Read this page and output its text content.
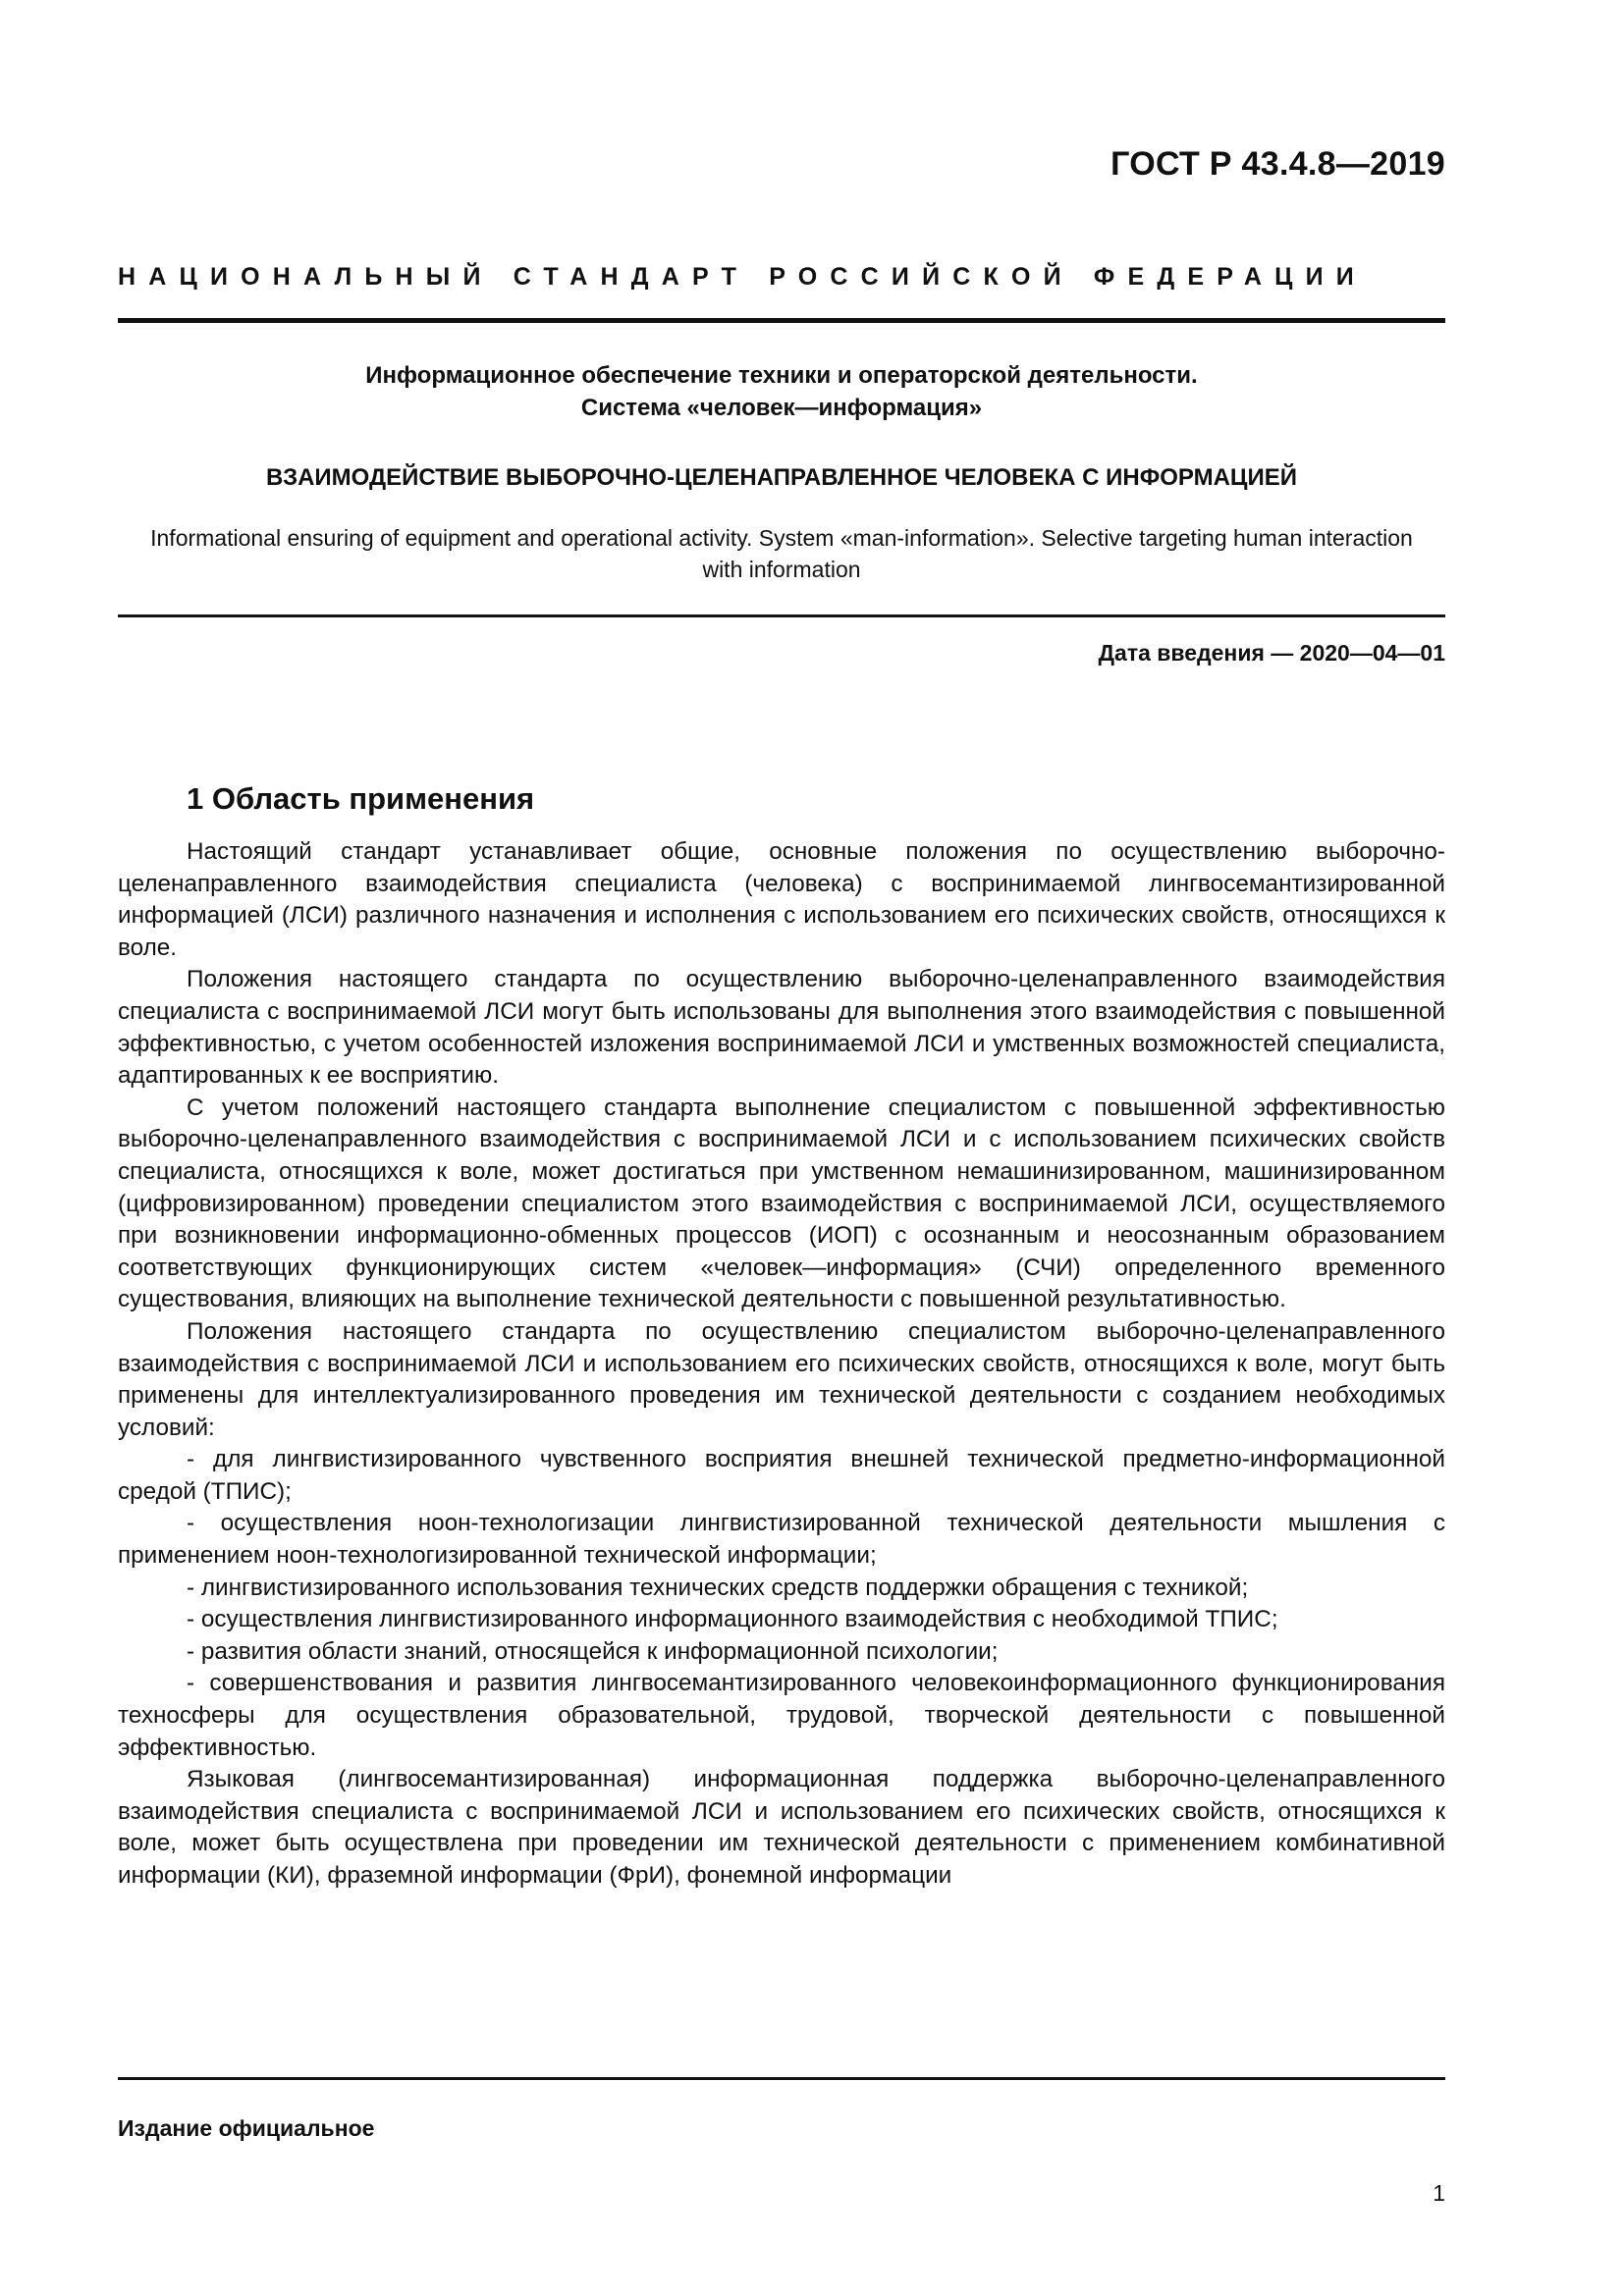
ГОСТ Р 43.4.8—2019
НАЦИОНАЛЬНЫЙ СТАНДАРТ РОССИЙСКОЙ ФЕДЕРАЦИИ
Информационное обеспечение техники и операторской деятельности.
Система «человек—информация»
ВЗАИМОДЕЙСТВИЕ ВЫБОРОЧНО-ЦЕЛЕНАПРАВЛЕННОЕ ЧЕЛОВЕКА С ИНФОРМАЦИЕЙ
Informational ensuring of equipment and operational activity. System «man-information». Selective targeting human interaction with information
Дата введения — 2020—04—01
1 Область применения

Настоящий стандарт устанавливает общие, основные положения по осуществлению выборочно-целенаправленного взаимодействия специалиста (человека) с воспринимаемой лингвосемантизированной информацией (ЛСИ) различного назначения и исполнения с использованием его психических свойств, относящихся к воле.

Положения настоящего стандарта по осуществлению выборочно-целенаправленного взаимодействия специалиста с воспринимаемой ЛСИ могут быть использованы для выполнения этого взаимодействия с повышенной эффективностью, с учетом особенностей изложения воспринимаемой ЛСИ и умственных возможностей специалиста, адаптированных к ее восприятию.

С учетом положений настоящего стандарта выполнение специалистом с повышенной эффективностью выборочно-целенаправленного взаимодействия с воспринимаемой ЛСИ и с использованием психических свойств специалиста, относящихся к воле, может достигаться при умственном немашинизированном, машинизированном (цифровизированном) проведении специалистом этого взаимодействия с воспринимаемой ЛСИ, осуществляемого при возникновении информационно-обменных процессов (ИОП) с осознанным и неосознанным образованием соответствующих функционирующих систем «человек—информация» (СЧИ) определенного временного существования, влияющих на выполнение технической деятельности с повышенной результативностью.

Положения настоящего стандарта по осуществлению специалистом выборочно-целенаправленного взаимодействия с воспринимаемой ЛСИ и использованием его психических свойств, относящихся к воле, могут быть применены для интеллектуализированного проведения им технической деятельности с созданием необходимых условий:

- для лингвистизированного чувственного восприятия внешней технической предметно-информационной средой (ТПИС);

- осуществления ноон-технологизации лингвистизированной технической деятельности мышления с применением ноон-технологизированной технической информации;

- лингвистизированного использования технических средств поддержки обращения с техникой;

- осуществления лингвистизированного информационного взаимодействия с необходимой ТПИС;

- развития области знаний, относящейся к информационной психологии;

- совершенствования и развития лингвосемантизированного человекоинформационного функционирования техносферы для осуществления образовательной, трудовой, творческой деятельности с повышенной эффективностью.

Языковая (лингвосемантизированная) информационная поддержка выборочно-целенаправленного взаимодействия специалиста с воспринимаемой ЛСИ и использованием его психических свойств, относящихся к воле, может быть осуществлена при проведении им технической деятельности с применением комбинативной информации (КИ), фраземной информации (ФрИ), фонемной информации

Издание официальное
1
